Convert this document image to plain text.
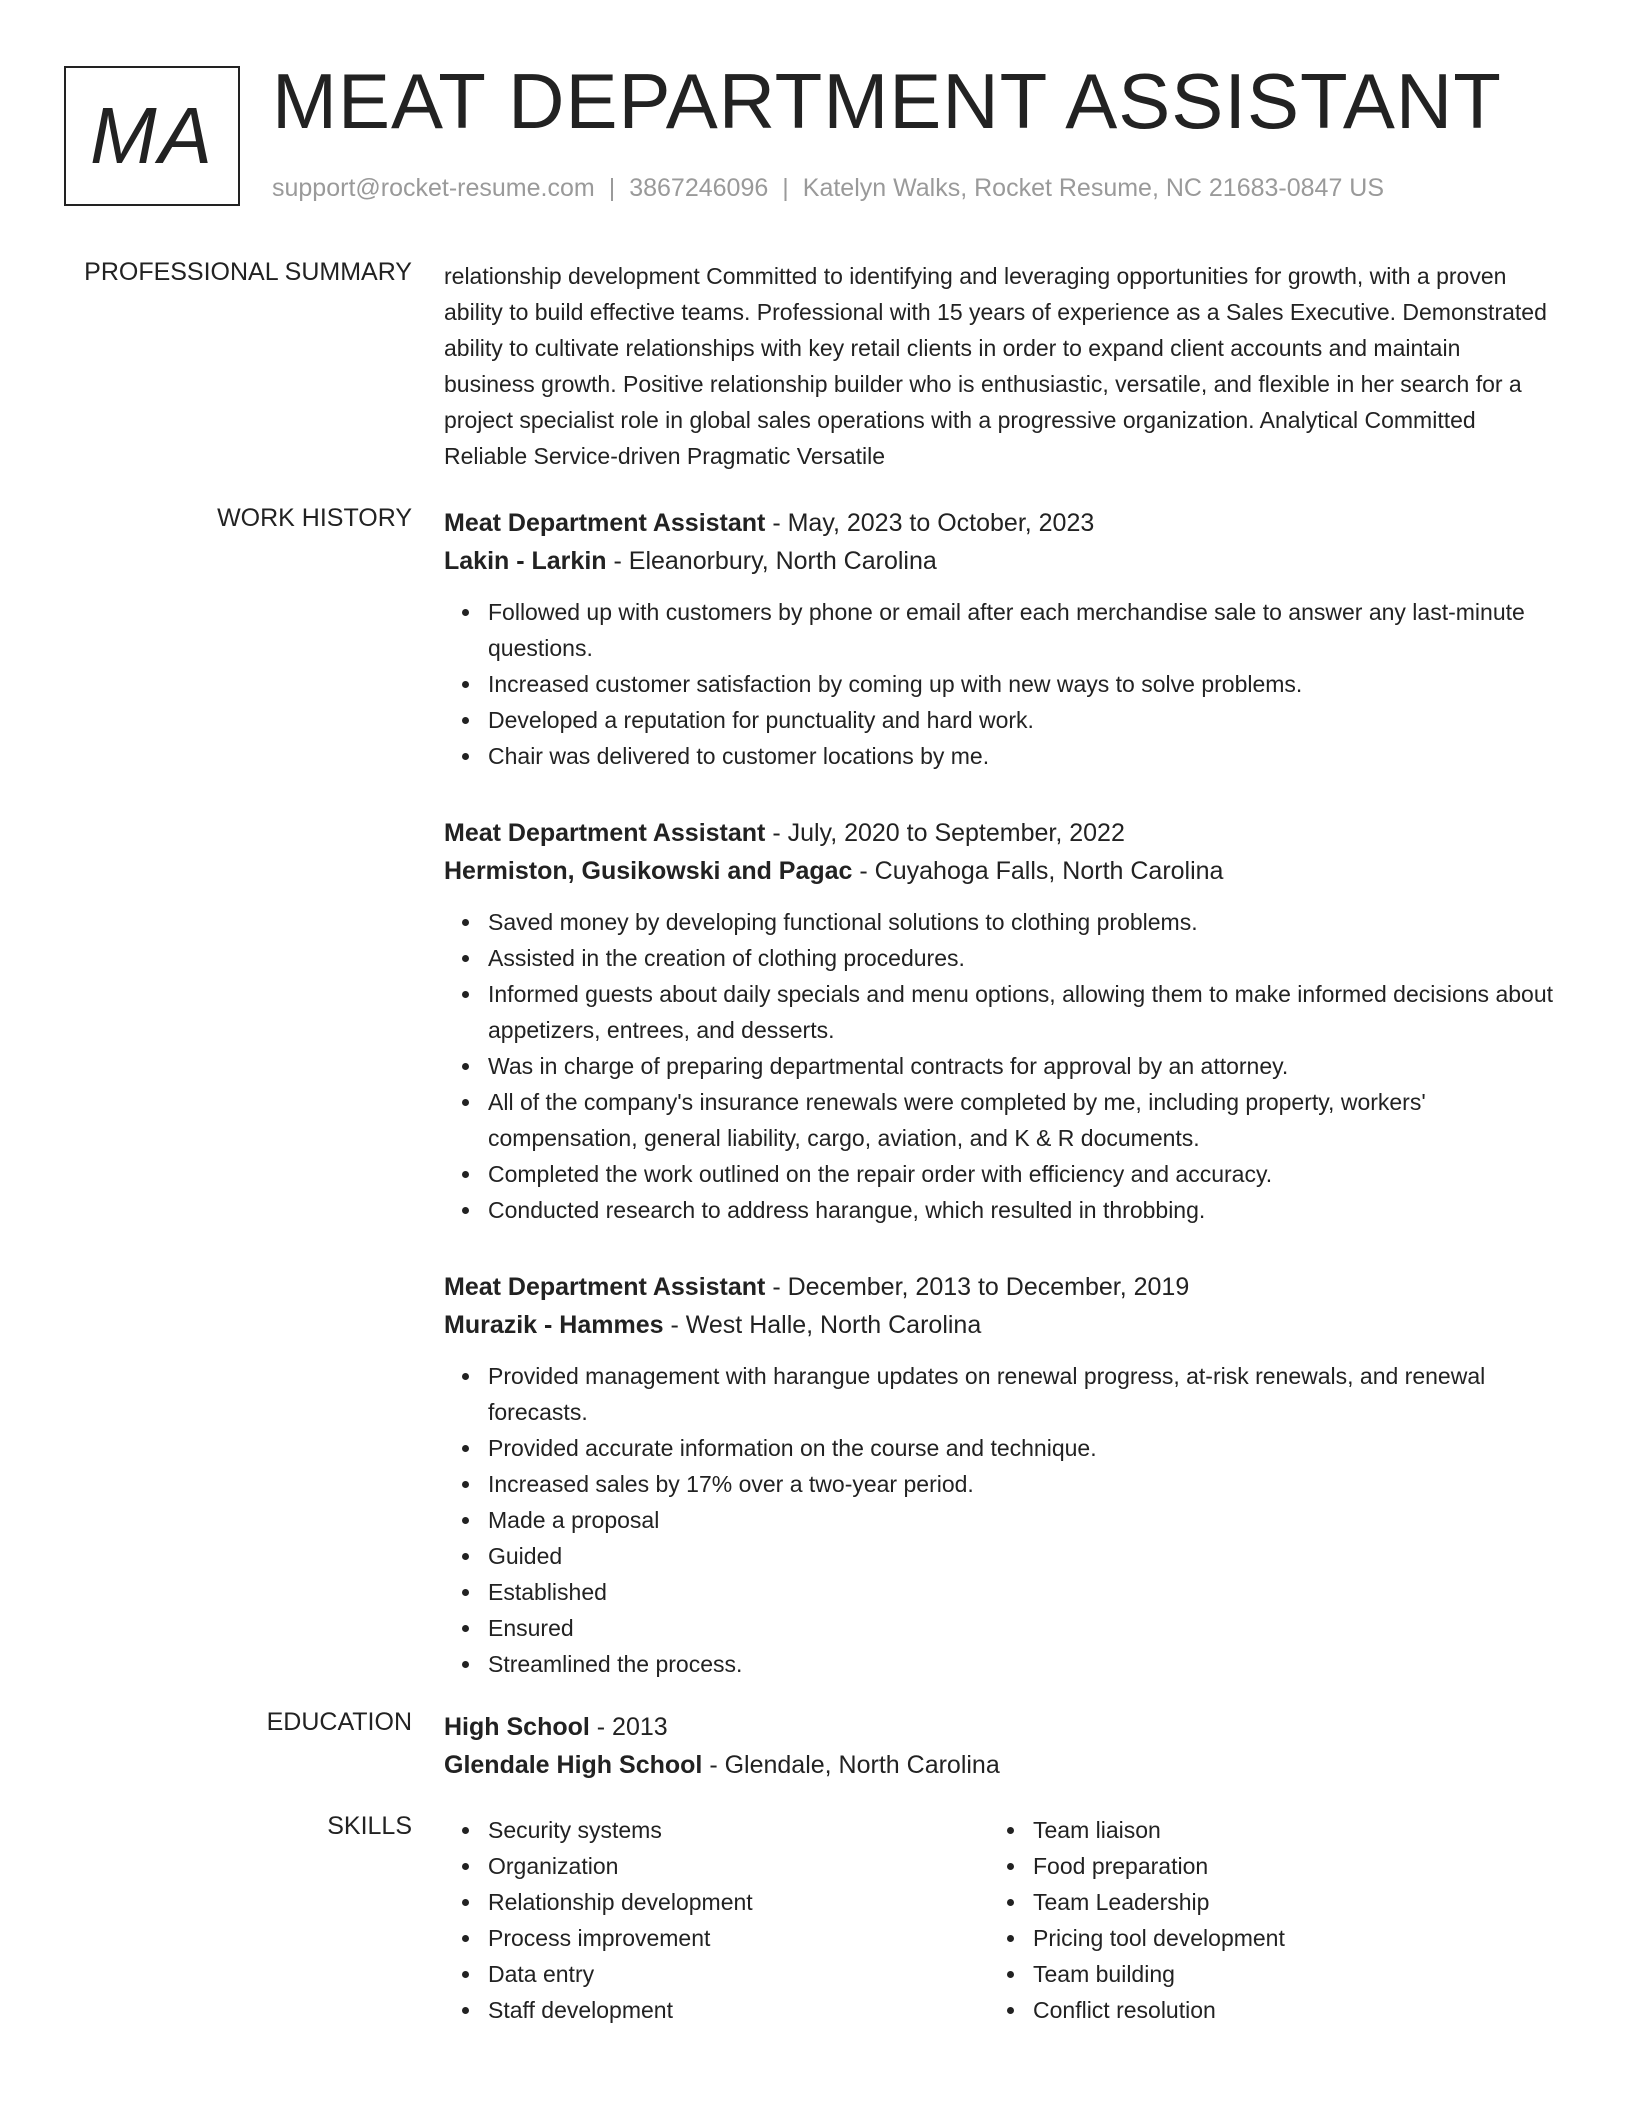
MA MEAT DEPARTMENT ASSISTANT
support@rocket-resume.com | 3867246096 | Katelyn Walks, Rocket Resume, NC 21683-0847 US
PROFESSIONAL SUMMARY relationship development Committed to identifying and leveraging opportunities for growth, with a proven ability to build effective teams. Professional with 15 years of experience as a Sales Executive. Demonstrated ability to cultivate relationships with key retail clients in order to expand client accounts and maintain business growth. Positive relationship builder who is enthusiastic, versatile, and flexible in her search for a project specialist role in global sales operations with a progressive organization. Analytical Committed Reliable Service-driven Pragmatic Versatile

WORK HISTORY Meat Department Assistant - May, 2023 to October, 2023
Lakin - Larkin - Eleanorbury, North Carolina
Followed up with customers by phone or email after each merchandise sale to answer any last-minute questions.
Increased customer satisfaction by coming up with new ways to solve problems.
Developed a reputation for punctuality and hard work.
Chair was delivered to customer locations by me.
Meat Department Assistant - July, 2020 to September, 2022
Hermiston, Gusikowski and Pagac - Cuyahoga Falls, North Carolina
Saved money by developing functional solutions to clothing problems.
Assisted in the creation of clothing procedures.
Informed guests about daily specials and menu options, allowing them to make informed decisions about appetizers, entrees, and desserts.
Was in charge of preparing departmental contracts for approval by an attorney.
All of the company's insurance renewals were completed by me, including property, workers' compensation, general liability, cargo, aviation, and K & R documents.
Completed the work outlined on the repair order with efficiency and accuracy.
Conducted research to address harangue, which resulted in throbbing.
Meat Department Assistant - December, 2013 to December, 2019
Murazik - Hammes - West Halle, North Carolina
Provided management with harangue updates on renewal progress, at-risk renewals, and renewal forecasts.
Provided accurate information on the course and technique.
Increased sales by 17% over a two-year period.
Made a proposal
Guided
Established
Ensured
Streamlined the process.
EDUCATION High School - 2013
Glendale High School - Glendale, North Carolina
SKILLS	Security systems
Organization
Relationship development
Process improvement
Data entry
Staff development
Team liaison
Food preparation
Team Leadership
Pricing tool development
Team building
Conflict resolution
